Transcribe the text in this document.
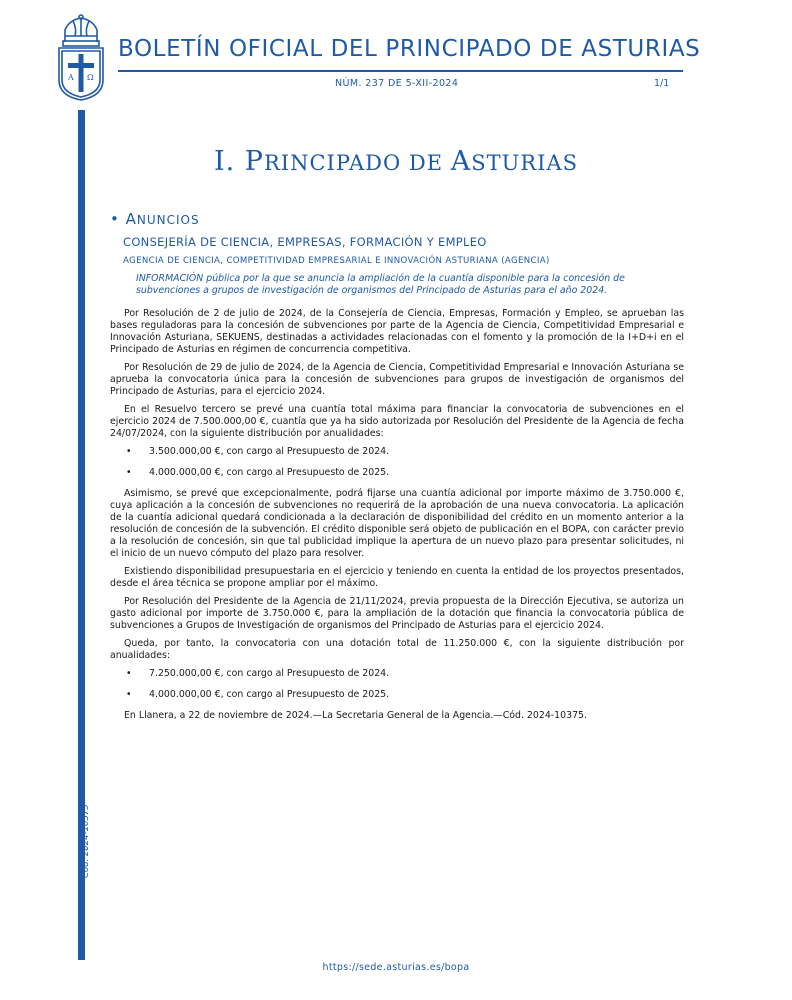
A Ω
BOLETÍN OFICIAL DEL PRINCIPADO DE ASTURIAS
NÚM. 237 DE 5-XII-2024	1/1
Cód. 2024-10375
I. PRINCIPADO DE ASTURIAS
• ANUNCIOS
CONSEJERÍA DE CIENCIA, EMPRESAS, FORMACIÓN Y EMPLEO
AGENCIA DE CIENCIA, COMPETITIVIDAD EMPRESARIAL E INNOVACIÓN ASTURIANA (AGENCIA)
INFORMACIÓN pública por la que se anuncia la ampliación de la cuantía disponible para la concesión de subvenciones a grupos de investigación de organismos del Principado de Asturias para el año 2024.

Por Resolución de 2 de julio de 2024, de la Consejería de Ciencia, Empresas, Formación y Empleo, se aprueban las bases reguladoras para la concesión de subvenciones por parte de la Agencia de Ciencia, Competitividad Empresarial e Innovación Asturiana, SEKUENS, destinadas a actividades relacionadas con el fomento y la promoción de la I+D+i en el Principado de Asturias en régimen de concurrencia competitiva.

Por Resolución de 29 de julio de 2024, de la Agencia de Ciencia, Competitividad Empresarial e Innovación Asturiana se aprueba la convocatoria única para la concesión de subvenciones para grupos de investigación de organismos del Principado de Asturias, para el ejercicio 2024.

En el Resuelvo tercero se prevé una cuantía total máxima para financiar la convocatoria de subvenciones en el ejercicio 2024 de 7.500.000,00 €, cuantía que ya ha sido autorizada por Resolución del Presidente de la Agencia de fecha 24/07/2024, con la siguiente distribución por anualidades:

• 3.500.000,00 €, con cargo al Presupuesto de 2024.
• 4.000.000,00 €, con cargo al Presupuesto de 2025.

Asimismo, se prevé que excepcionalmente, podrá fijarse una cuantía adicional por importe máximo de 3.750.000 €, cuya aplicación a la concesión de subvenciones no requerirá de la aprobación de una nueva convocatoria. La aplicación de la cuantía adicional quedará condicionada a la declaración de disponibilidad del crédito en un momento anterior a la resolución de concesión de la subvención. El crédito disponible será objeto de publicación en el BOPA, con carácter previo a la resolución de concesión, sin que tal publicidad implique la apertura de un nuevo plazo para presentar solicitudes, ni el inicio de un nuevo cómputo del plazo para resolver.

Existiendo disponibilidad presupuestaria en el ejercicio y teniendo en cuenta la entidad de los proyectos presentados, desde el área técnica se propone ampliar por el máximo.

Por Resolución del Presidente de la Agencia de 21/11/2024, previa propuesta de la Dirección Ejecutiva, se autoriza un gasto adicional por importe de 3.750.000 €, para la ampliación de la dotación que financia la convocatoria pública de subvenciones a Grupos de Investigación de organismos del Principado de Asturias para el ejercicio 2024.

Queda, por tanto, la convocatoria con una dotación total de 11.250.000 €, con la siguiente distribución por anualidades:

• 7.250.000,00 €, con cargo al Presupuesto de 2024.
• 4.000.000,00 €, con cargo al Presupuesto de 2025.

En Llanera, a 22 de noviembre de 2024.—La Secretaria General de la Agencia.—Cód. 2024-10375.

https://sede.asturias.es/bopa
